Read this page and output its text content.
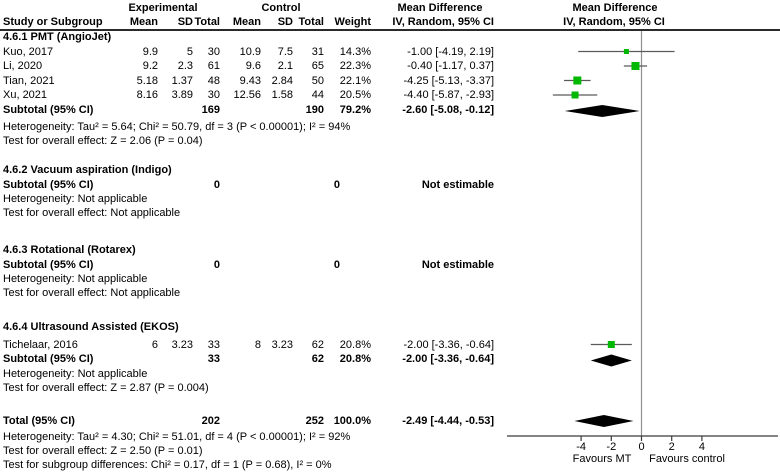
Experimental	Control	Mean Difference	Mean Difference
Study or Subgroup	Mean	SD Total	Mean	SD Total Weight	IV, Random, 95% CI	IV, Random, 95% CI
4.6.1 PMT (AngioJet)
Kuo, 2017	9.9	5	30	10.9	7.5	31	14.3%	-1.00 [-4.19, 2.19]
Li, 2020	9.2	2.3	61	9.6	2.1	65	22.3%	-0.40 [-1.17, 0.37]
Tian, 2021	5.18	1.37	48	9.43 2.84	50	22.1%	-4.25 [-5.13, -3.37]
Xu, 2021	8.16	3.89	30	12.56 1.58	44	20.5%	-4.40 [-5.87, -2.93]
Subtotal (95% CI)	169	190	79.2%	-2.60 [-5.08, -0.12]
Heterogeneity: Tau² = 5.64; Chi² = 50.79, df = 3 (P < 0.00001); I² = 94%
Test for overall effect: Z = 2.06 (P = 0.04)
4.6.2 Vacuum aspiration (Indigo)
Subtotal (95% CI)	0	0	Not estimable
Heterogeneity: Not applicable
Test for overall effect: Not applicable
4.6.3 Rotational (Rotarex)
Subtotal (95% CI)	0	0	Not estimable
Heterogeneity: Not applicable
Test for overall effect: Not applicable
4.6.4 Ultrasound Assisted (EKOS)
Tichelaar, 2016	6	3.23	33	8 3.23	62	20.8%	-2.00 [-3.36, -0.64]
Subtotal (95% CI)	33	62	20.8%	-2.00 [-3.36, -0.64]
Heterogeneity: Not applicable
Test for overall effect: Z = 2.87 (P = 0.004)
Total (95% CI)	202	252 100.0%	-2.49 [-4.44, -0.53]
Heterogeneity: Tau² = 4.30; Chi² = 51.01, df = 4 (P < 0.00001); I² = 92%
Test for overall effect: Z = 2.50 (P = 0.01)
Test for subgroup differences: Chi² = 0.17, df = 1 (P = 0.68), I² = 0%
-4 -2 0 2 4
Favours MT Favours control
